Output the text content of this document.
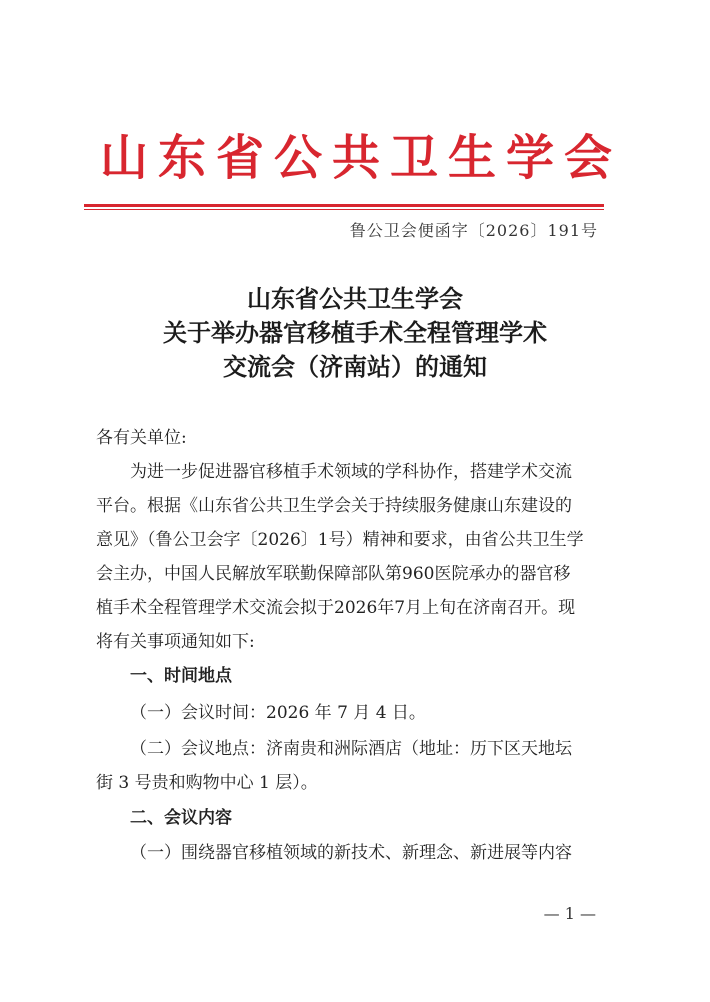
山东省公共卫生学会
鲁公卫会便函字〔2026〕191号
山东省公共卫生学会
关于举办器官移植手术全程管理学术
交流会（济南站）的通知
各有关单位:
为进一步促进器官移植手术领域的学科协作，搭建学术交流
平台。根据《山东省公共卫生学会关于持续服务健康山东建设的
意见》（鲁公卫会字〔2026〕1号）精神和要求，由省公共卫生学
会主办，中国人民解放军联勤保障部队第960医院承办的器官移
植手术全程管理学术交流会拟于2026年7月上旬在济南召开。现
将有关事项通知如下:
一、时间地点
（一）会议时间：2026 年 7 月 4 日。
（二）会议地点：济南贵和洲际酒店（地址：历下区天地坛
街 3 号贵和购物中心 1 层）。
二、会议内容
（一）围绕器官移植领域的新技术、新理念、新进展等内容
— 1 —
